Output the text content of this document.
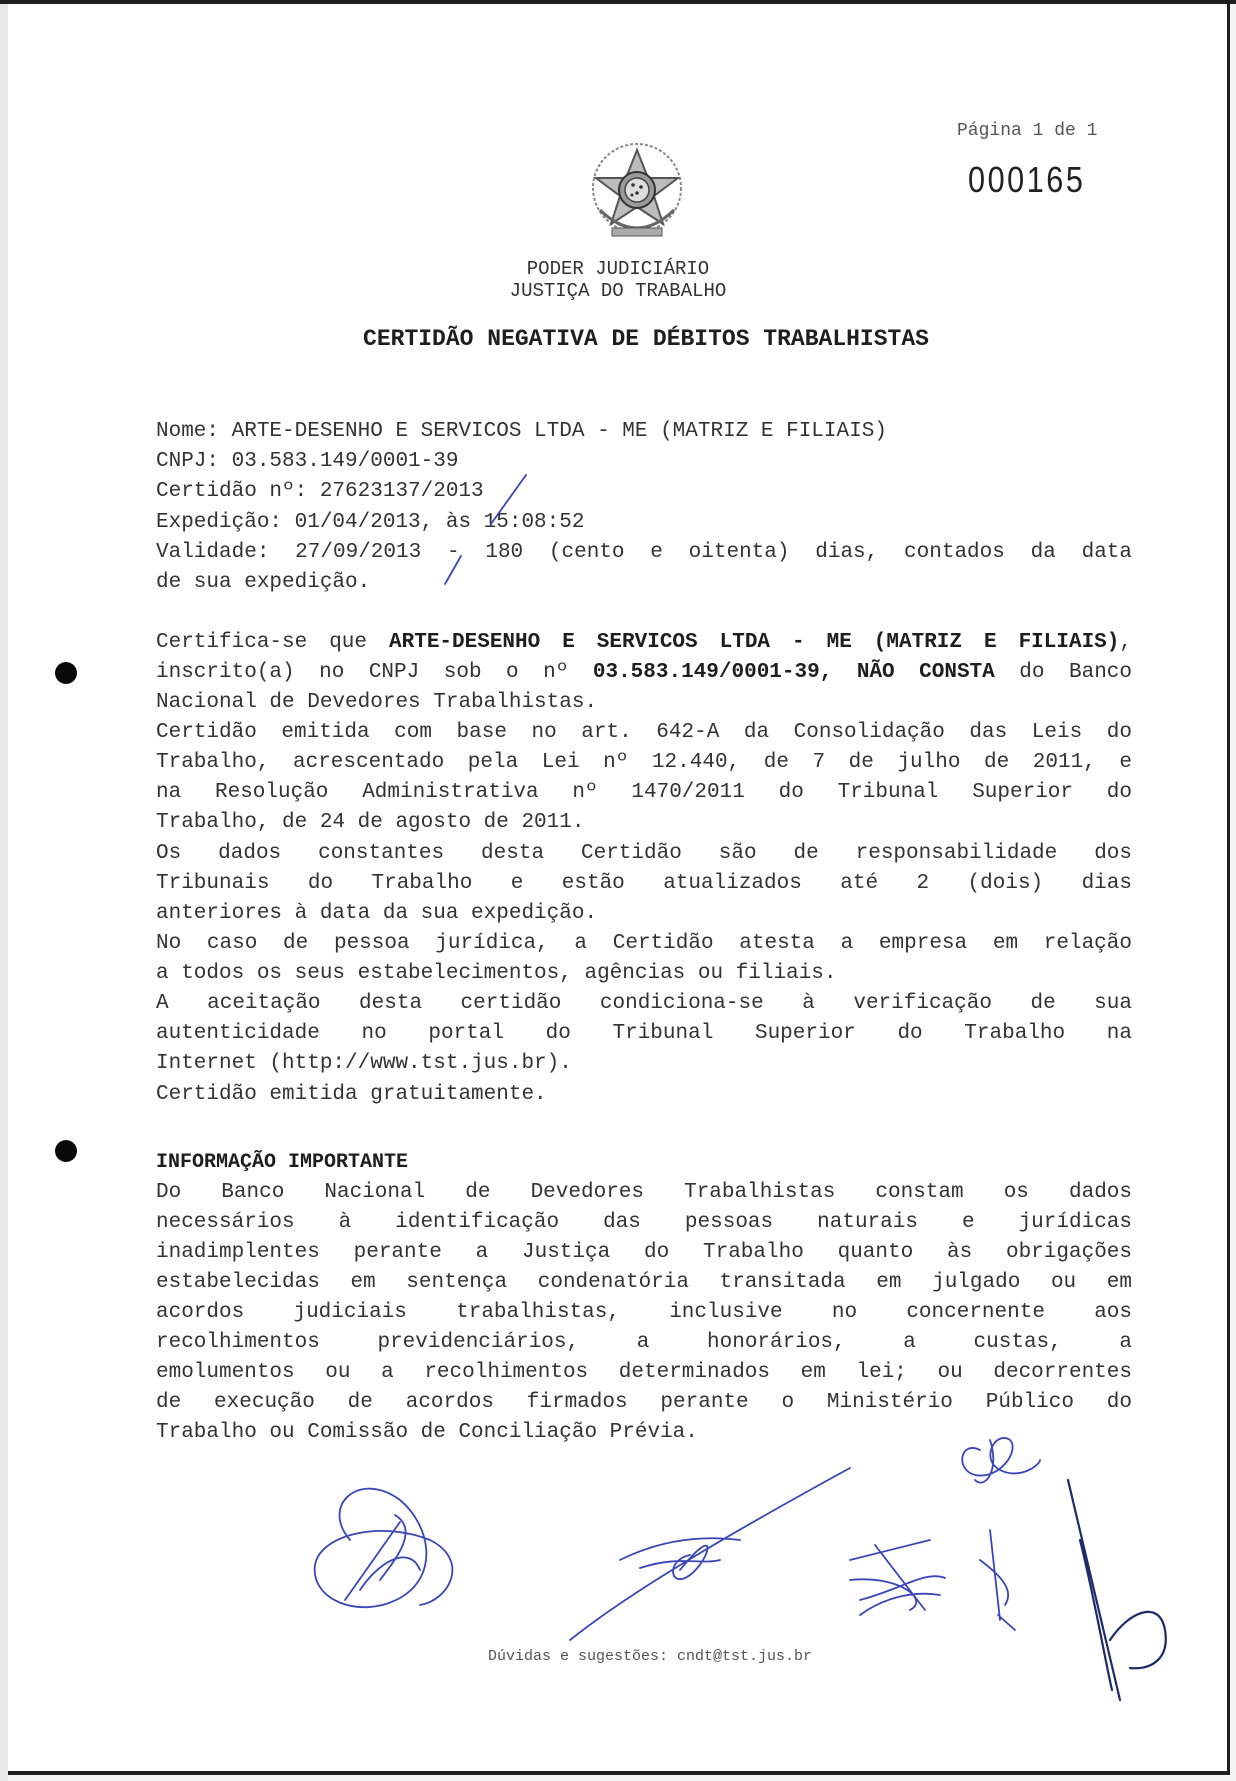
Página 1 de 1
000165
PODER JUDICIÁRIO
JUSTIÇA DO TRABALHO
CERTIDÃO NEGATIVA DE DÉBITOS TRABALHISTAS
Nome: ARTE-DESENHO E SERVICOS LTDA - ME (MATRIZ E FILIAIS)
CNPJ: 03.583.149/0001-39
Certidão nº: 27623137/2013
Expedição: 01/04/2013, às 15:08:52
Validade: 27/09/2013 - 180 (cento e oitenta) dias, contados da data
de sua expedição.
Certifica-se que ARTE-DESENHO E SERVICOS LTDA - ME (MATRIZ E FILIAIS),
inscrito(a) no CNPJ sob o nº 03.583.149/0001-39, NÃO CONSTA do Banco
Nacional de Devedores Trabalhistas.
Certidão emitida com base no art. 642-A da Consolidação das Leis do
Trabalho, acrescentado pela Lei nº 12.440, de 7 de julho de 2011, e
na Resolução Administrativa nº 1470/2011 do Tribunal Superior do
Trabalho, de 24 de agosto de 2011.
Os dados constantes desta Certidão são de responsabilidade dos
Tribunais do Trabalho e estão atualizados até 2 (dois) dias
anteriores à data da sua expedição.
No caso de pessoa jurídica, a Certidão atesta a empresa em relação
a todos os seus estabelecimentos, agências ou filiais.
A aceitação desta certidão condiciona-se à verificação de sua
autenticidade no portal do Tribunal Superior do Trabalho na
Internet (http://www.tst.jus.br).
Certidão emitida gratuitamente.
INFORMAÇÃO IMPORTANTE
Do Banco Nacional de Devedores Trabalhistas constam os dados
necessários à identificação das pessoas naturais e jurídicas
inadimplentes perante a Justiça do Trabalho quanto às obrigações
estabelecidas em sentença condenatória transitada em julgado ou em
acordos judiciais trabalhistas, inclusive no concernente aos
recolhimentos previdenciários, a honorários, a custas, a
emolumentos ou a recolhimentos determinados em lei; ou decorrentes
de execução de acordos firmados perante o Ministério Público do
Trabalho ou Comissão de Conciliação Prévia.
Dúvidas e sugestões: cndt@tst.jus.br
